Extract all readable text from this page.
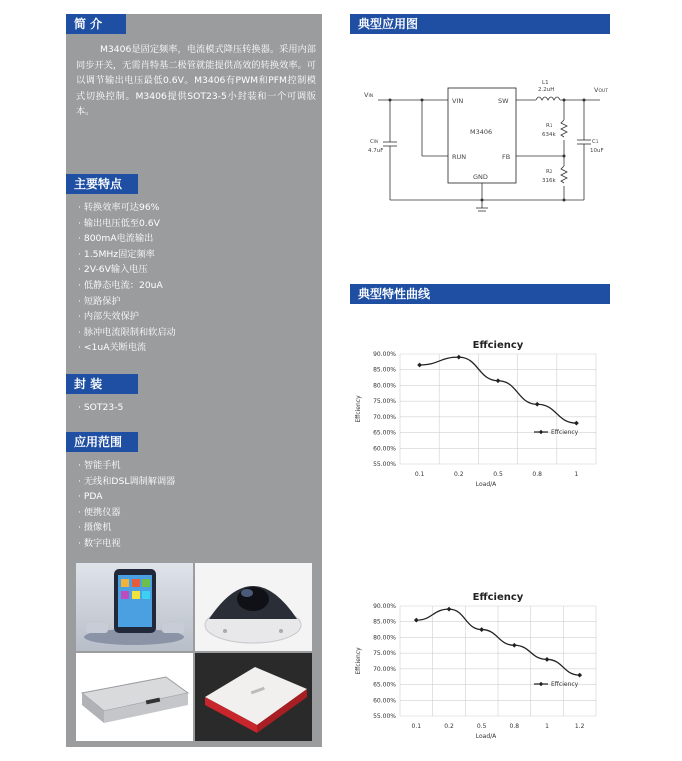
简 介
M3406是固定频率，电流模式降压转换器。采用内部同步开关，无需肖特基二极管就能提供高效的转换效率。可以调节输出电压最低0.6V。M3406有PWM和PFM控制模式切换控制。M3406提供SOT23-5小封装和一个可调版本。
主要特点
· 转换效率可达96%
· 输出电压低至0.6V
· 800mA电流输出
· 1.5MHz固定频率
· 2V-6V输入电压
· 低静态电流：20uA
· 短路保护
· 内部失效保护
· 脉冲电流限制和软启动
· <1uA关断电流
封 装
· SOT23-5
应用范围
· 智能手机
· 无线和DSL调制解调器
· PDA
· 便携仪器
· 摄像机
· 数字电视
典型应用图
VIN
VOUT
VIN	SW
RUN	FB
GND
M3406
L1
2.2uH
CIN
4.7uF
R1
634k
R2
316k
C1
10uF
典型特性曲线
Effciency
90.00%
85.00%
80.00%
75.00%
70.00%
65.00%
60.00%
55.00%
0.1	0.2	0.5	0.8	1
Load/A
Effciency
Effciency
Effciency
90.00%
85.00%
80.00%
75.00%
70.00%
65.00%
60.00%
55.00%
0.1	0.2	0.5	0.8	1	1.2
Load/A
Effciency
Effciency
